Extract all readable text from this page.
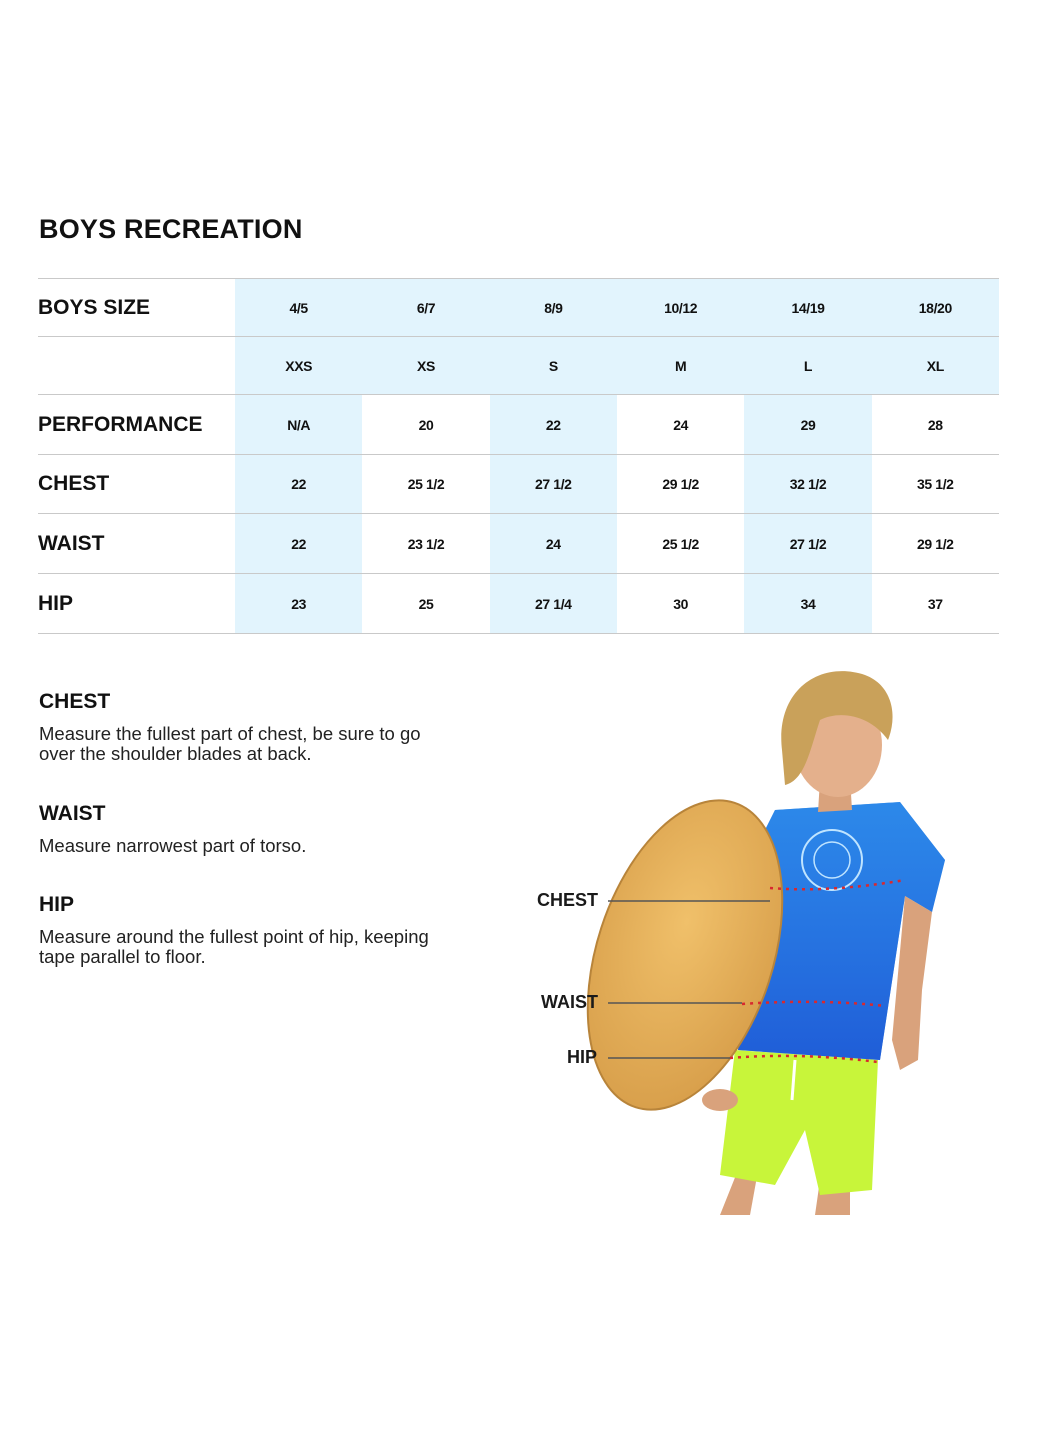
BOYS RECREATION
BOYS SIZE	4/5	6/7	8/9	10/12	14/19	18/20
	XXS	XS	S	M	L	XL
PERFORMANCE	N/A	20	22	24	29	28
CHEST	22	25 1/2	27 1/2	29 1/2	32 1/2	35 1/2
WAIST	22	23 1/2	24	25 1/2	27 1/2	29 1/2
HIP	23	25	27 1/4	30	34	37
CHEST

Measure the fullest part of chest, be sure to go over the shoulder blades at back.

WAIST

Measure narrowest part of torso.

HIP

Measure around the fullest point of hip, keeping tape parallel to floor.

CHEST
WAIST
HIP
